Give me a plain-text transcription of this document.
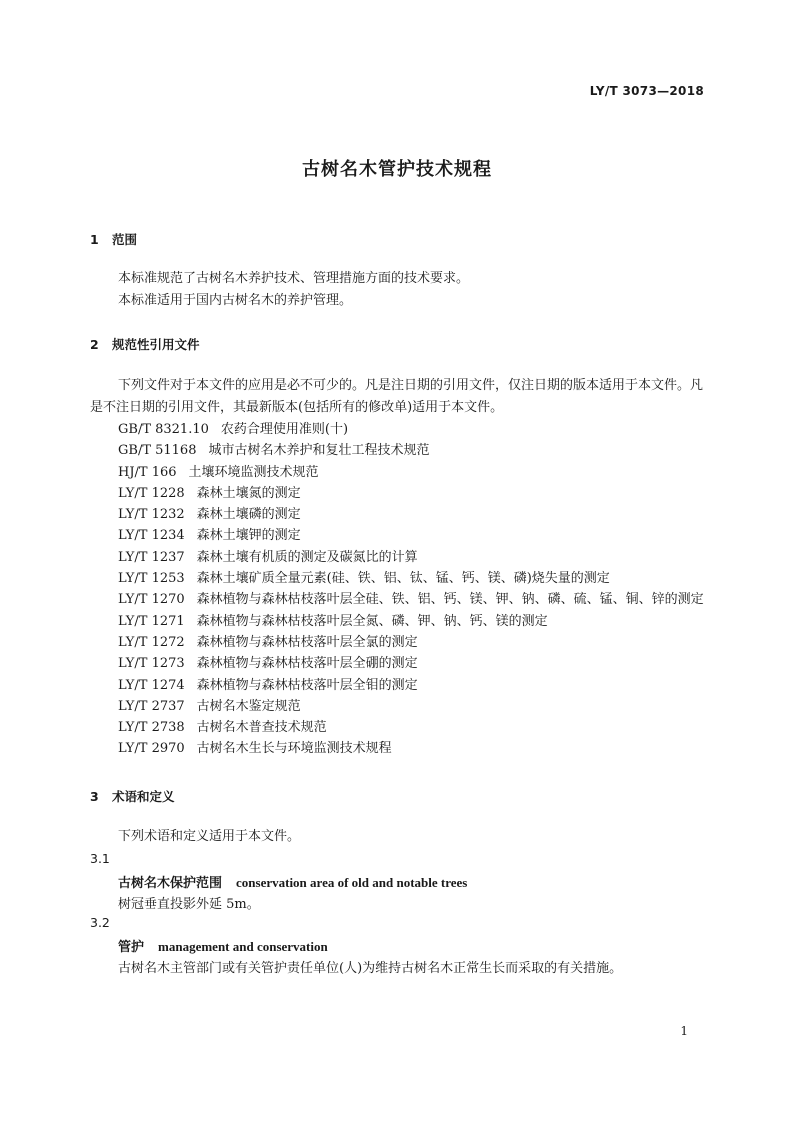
LY/T 3073—2018
古树名木管护技术规程
1 范围
本标准规范了古树名木养护技术、管理措施方面的技术要求。
本标准适用于国内古树名木的养护管理。
2 规范性引用文件
下列文件对于本文件的应用是必不可少的。凡是注日期的引用文件，仅注日期的版本适用于本文件。凡是不注日期的引用文件，其最新版本(包括所有的修改单)适用于本文件。
GB/T 8321.10 农药合理使用准则(十)
GB/T 51168 城市古树名木养护和复壮工程技术规范
HJ/T 166 土壤环境监测技术规范
LY/T 1228 森林土壤氮的测定
LY/T 1232 森林土壤磷的测定
LY/T 1234 森林土壤钾的测定
LY/T 1237 森林土壤有机质的测定及碳氮比的计算
LY/T 1253 森林土壤矿质全量元素(硅、铁、铝、钛、锰、钙、镁、磷)烧失量的测定
LY/T 1270 森林植物与森林枯枝落叶层全硅、铁、铝、钙、镁、钾、钠、磷、硫、锰、铜、锌的测定
LY/T 1271 森林植物与森林枯枝落叶层全氮、磷、钾、钠、钙、镁的测定
LY/T 1272 森林植物与森林枯枝落叶层全氯的测定
LY/T 1273 森林植物与森林枯枝落叶层全硼的测定
LY/T 1274 森林植物与森林枯枝落叶层全钼的测定
LY/T 2737 古树名木鉴定规范
LY/T 2738 古树名木普查技术规范
LY/T 2970 古树名木生长与环境监测技术规程
3 术语和定义
下列术语和定义适用于本文件。
3.1
古树名木保护范围 conservation area of old and notable trees
树冠垂直投影外延 5m。
3.2
管护 management and conservation
古树名木主管部门或有关管护责任单位(人)为维持古树名木正常生长而采取的有关措施。
1
